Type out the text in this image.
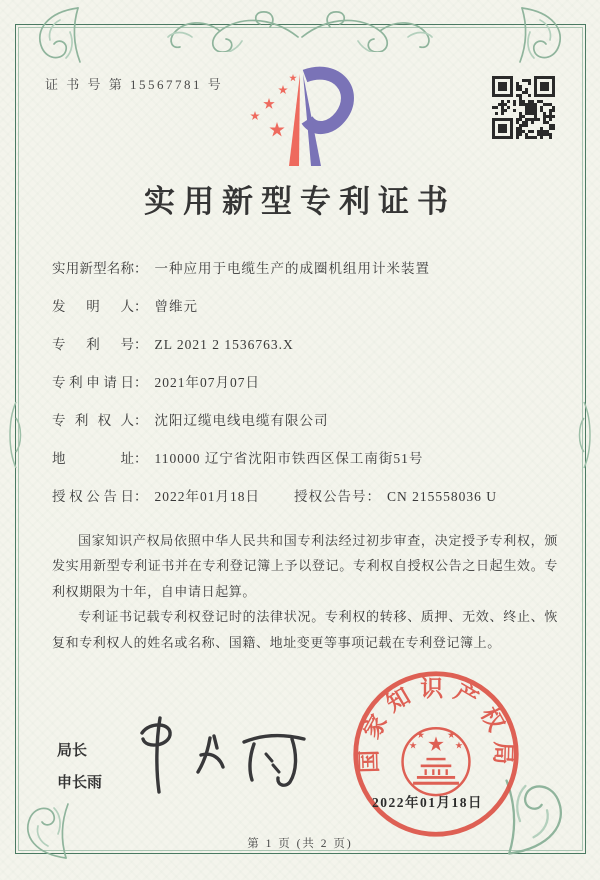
证 书 号 第 15567781 号
实用新型专利证书
实用新型名称： 一种应用于电缆生产的成圈机组用计米装置
发明人： 曾维元
专利号： ZL 2021 2 1536763.X
专利申请日： 2021年07月07日
专利权人： 沈阳辽缆电线电缆有限公司
地址： 110000 辽宁省沈阳市铁西区保工南街51号
授权公告日： 2022年01月18日	授权公告号： CN 215558036 U

国家知识产权局依照中华人民共和国专利法经过初步审查，决定授予专利权，颁发实用新型专利证书并在专利登记簿上予以登记。专利权自授权公告之日起生效。专利权期限为十年，自申请日起算。

专利证书记载专利权登记时的法律状况。专利权的转移、质押、无效、终止、恢复和专利权人的姓名或名称、国籍、地址变更等事项记载在专利登记簿上。

局长
申长雨
国家知识产权局
2022年01月18日
第 1 页 (共 2 页)
